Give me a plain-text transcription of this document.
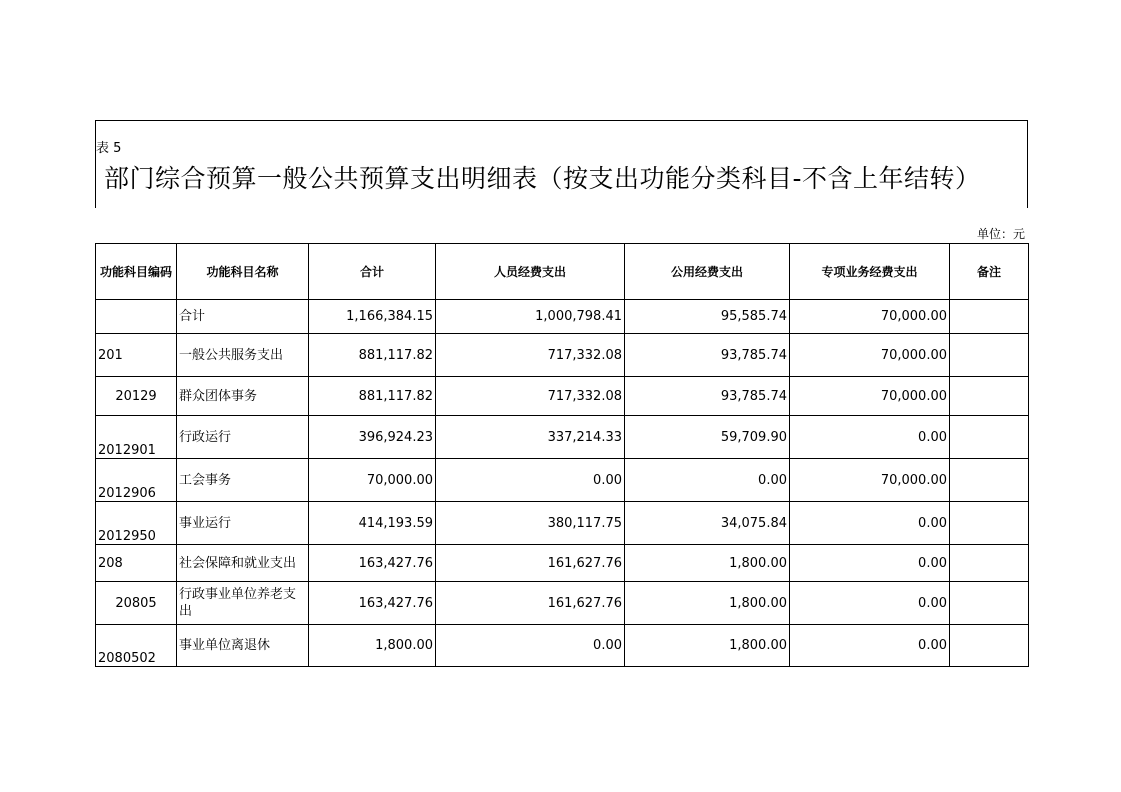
表 5
部门综合预算一般公共预算支出明细表（按支出功能分类科目-不含上年结转）
单位：元
功能科目编码	功能科目名称	合计	人员经费支出	公用经费支出	专项业务经费支出	备注
	合计	1,166,384.15	1,000,798.41	95,585.74	70,000.00	
201	一般公共服务支出	881,117.82	717,332.08	93,785.74	70,000.00	
20129	群众团体事务	881,117.82	717,332.08	93,785.74	70,000.00	
2012901	行政运行	396,924.23	337,214.33	59,709.90	0.00	
2012906	工会事务	70,000.00	0.00	0.00	70,000.00	
2012950	事业运行	414,193.59	380,117.75	34,075.84	0.00	
208	社会保障和就业支出	163,427.76	161,627.76	1,800.00	0.00	
20805	行政事业单位养老支出	163,427.76	161,627.76	1,800.00	0.00	
2080502	事业单位离退休	1,800.00	0.00	1,800.00	0.00	
